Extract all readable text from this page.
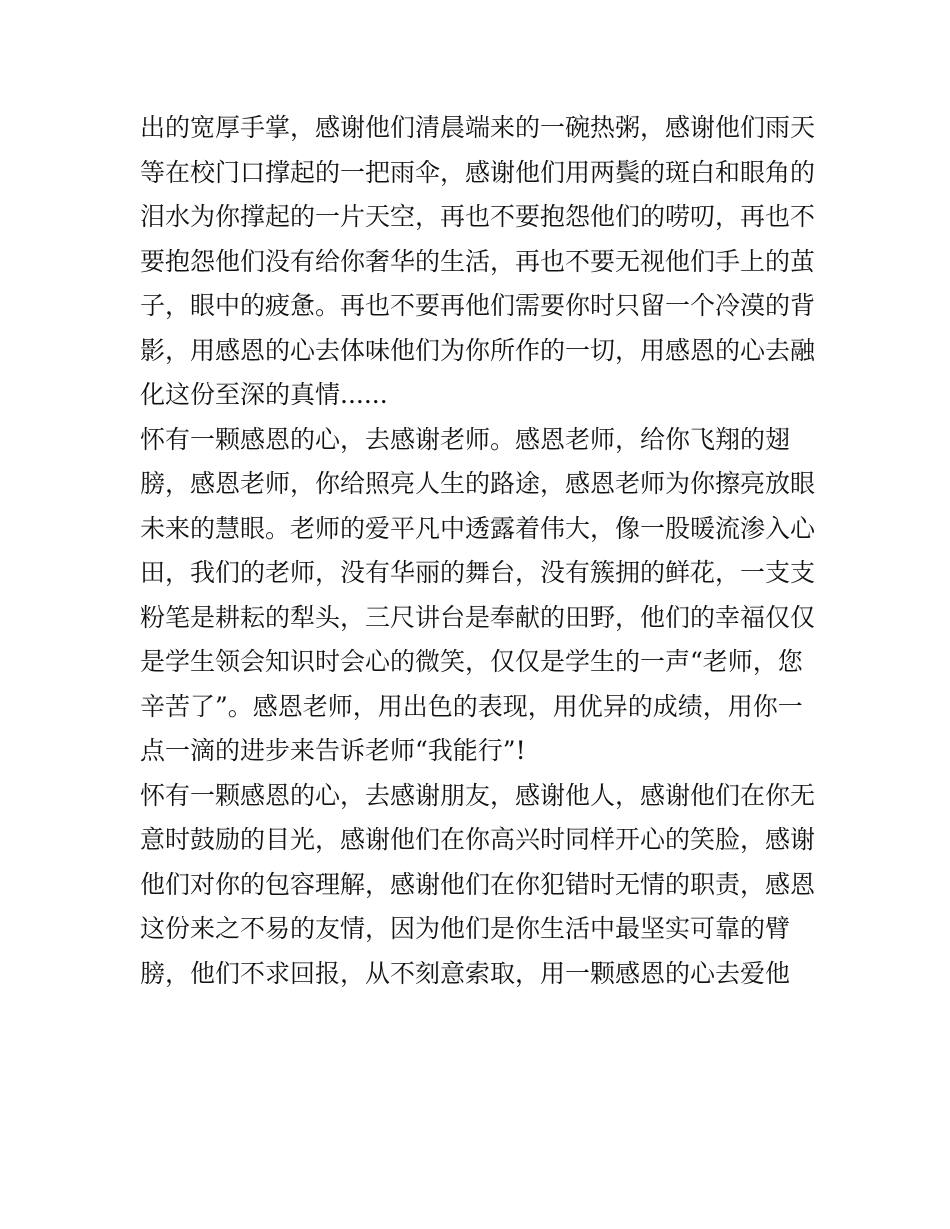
出的宽厚手掌，感谢他们清晨端来的一碗热粥，感谢他们雨天
等在校门口撑起的一把雨伞，感谢他们用两鬓的斑白和眼角的
泪水为你撑起的一片天空，再也不要抱怨他们的唠叨，再也不
要抱怨他们没有给你奢华的生活，再也不要无视他们手上的茧
子，眼中的疲惫。再也不要再他们需要你时只留一个冷漠的背
影，用感恩的心去体味他们为你所作的一切，用感恩的心去融
化这份至深的真情......
怀有一颗感恩的心，去感谢老师。感恩老师，给你飞翔的翅
膀，感恩老师，你给照亮人生的路途，感恩老师为你擦亮放眼
未来的慧眼。老师的爱平凡中透露着伟大，像一股暖流渗入心
田，我们的老师，没有华丽的舞台，没有簇拥的鲜花，一支支
粉笔是耕耘的犁头，三尺讲台是奉献的田野，他们的幸福仅仅
是学生领会知识时会心的微笑，仅仅是学生的一声“老师，您
辛苦了”。感恩老师，用出色的表现，用优异的成绩，用你一
点一滴的进步来告诉老师“我能行”!
怀有一颗感恩的心，去感谢朋友，感谢他人，感谢他们在你无
意时鼓励的目光，感谢他们在你高兴时同样开心的笑脸，感谢
他们对你的包容理解，感谢他们在你犯错时无情的职责，感恩
这份来之不易的友情，因为他们是你生活中最坚实可靠的臂
膀，他们不求回报，从不刻意索取，用一颗感恩的心去爱他
